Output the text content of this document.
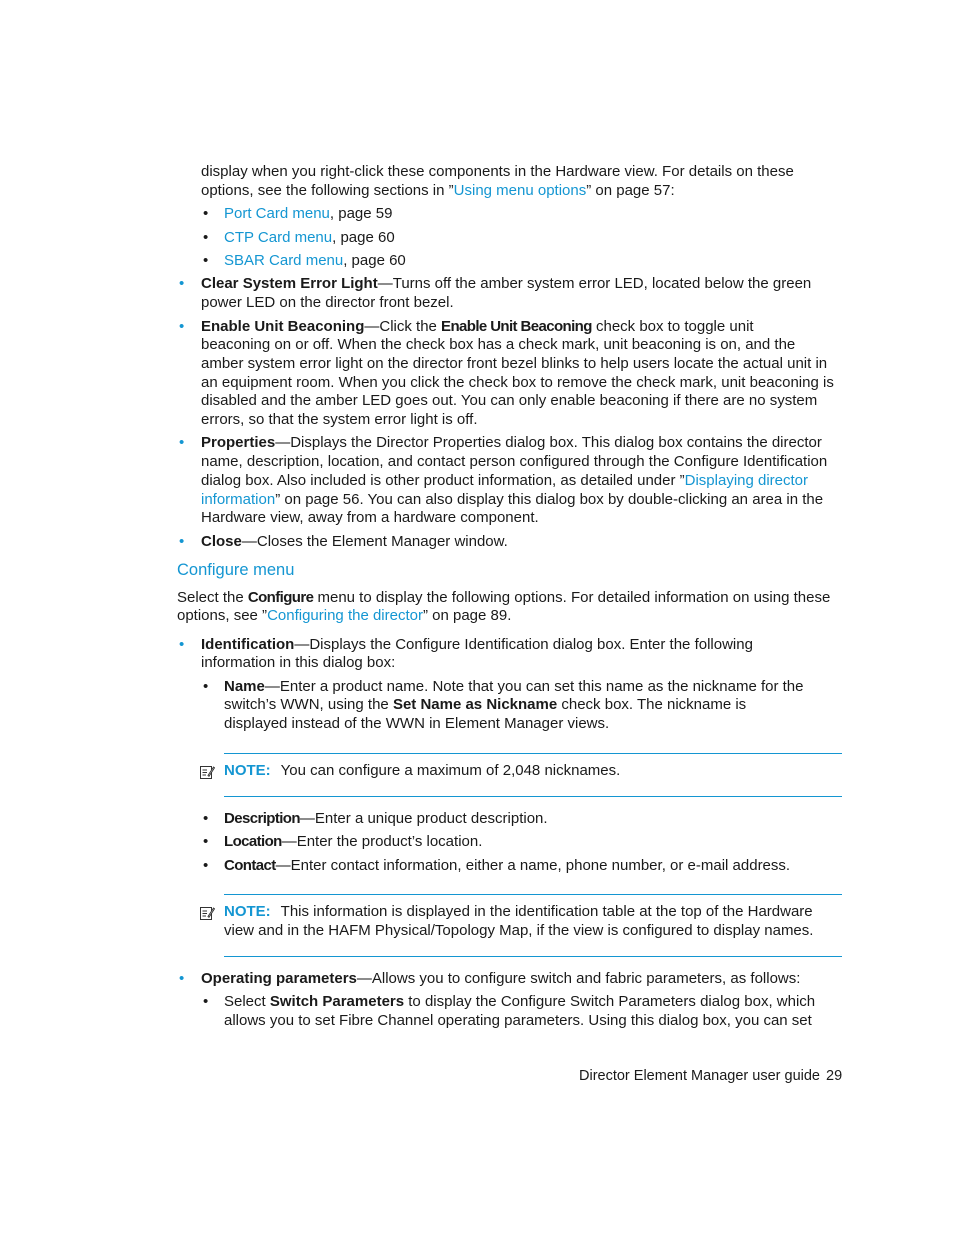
display when you right-click these components in the Hardware view. For details on these

options, see the following sections in ”Using menu options” on page 57:

• Port Card menu, page 59

• CTP Card menu, page 60

• SBAR Card menu, page 60

• Clear System Error Light—Turns off the amber system error LED, located below the green

power LED on the director front bezel.

• Enable Unit Beaconing—Click the Enable Unit Beaconing check box to toggle unit

beaconing on or off. When the check box has a check mark, unit beaconing is on, and the

amber system error light on the director front bezel blinks to help users locate the actual unit in

an equipment room. When you click the check box to remove the check mark, unit beaconing is

disabled and the amber LED goes out. You can only enable beaconing if there are no system

errors, so that the system error light is off.

• Properties—Displays the Director Properties dialog box. This dialog box contains the director

name, description, location, and contact person configured through the Configure Identification

dialog box. Also included is other product information, as detailed under ”Displaying director

information” on page 56. You can also display this dialog box by double-clicking an area in the

Hardware view, away from a hardware component.

• Close—Closes the Element Manager window.

Configure menu

Select the Configure menu to display the following options. For detailed information on using these

options, see ”Configuring the director” on page 89.

• Identification—Displays the Configure Identification dialog box. Enter the following

information in this dialog box:

• Name—Enter a product name. Note that you can set this name as the nickname for the

switch’s WWN, using the Set Name as Nickname check box. The nickname is

displayed instead of the WWN in Element Manager views.

NOTE: You can configure a maximum of 2,048 nicknames.

• Description—Enter a unique product description.

• Location—Enter the product’s location.

• Contact—Enter contact information, either a name, phone number, or e-mail address.

NOTE: This information is displayed in the identification table at the top of the Hardware

view and in the HAFM Physical/Topology Map, if the view is configured to display names.

• Operating parameters—Allows you to configure switch and fabric parameters, as follows:

• Select Switch Parameters to display the Configure Switch Parameters dialog box, which

allows you to set Fibre Channel operating parameters. Using this dialog box, you can set

Director Element Manager user guide 29
